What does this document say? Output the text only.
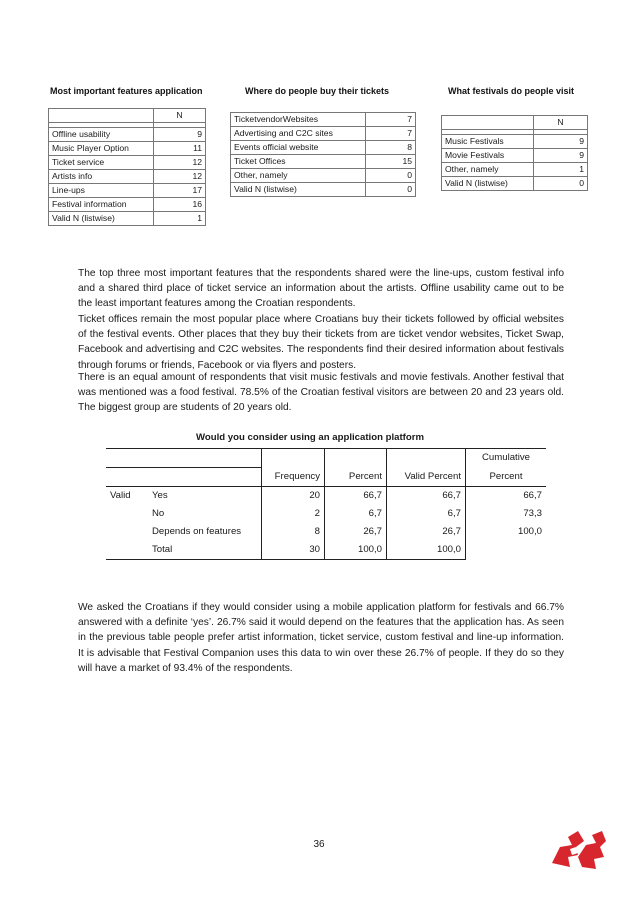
Most important features application
	N

Offline usability	9
Music Player Option	11
Ticket service	12
Artists info	12
Line-ups	17
Festival information	16
Valid N (listwise)	1
Where do people buy their tickets
TicketvendorWebsites	7
Advertising and C2C sites	7
Events official website	8
Ticket Offices	15
Other, namely	0
Valid N (listwise)	0
What festivals do people visit
	N

Music Festivals	9
Movie Festivals	9
Other, namely	1
Valid N (listwise)	0
The top three most important features that the respondents shared were the line-ups, custom festival info and a shared third place of ticket service an information about the artists. Offline usability came out to be the least important features among the Croatian respondents.
Ticket offices remain the most popular place where Croatians buy their tickets followed by official websites of the festival events. Other places that they buy their tickets from are ticket vendor websites, Ticket Swap, Facebook and advertising and C2C websites. The respondents find their desired information about festivals through forums or friends, Facebook or via flyers and posters.
There is an equal amount of respondents that visit music festivals and movie festivals. Another festival that was mentioned was a food festival. 78.5% of the Croatian festival visitors are between 20 and 23 years old. The biggest group are students of 20 years old.
Would you consider using an application platform
					Cumulative
		Frequency	Percent	Valid Percent	Percent
Valid	Yes	20	66,7	66,7	66,7
	No	2	6,7	6,7	73,3
	Depends on features	8	26,7	26,7	100,0
	Total	30	100,0	100,0	
We asked the Croatians if they would consider using a mobile application platform for festivals and 66.7% answered with a definite ‘yes’. 26.7% said it would depend on the features that the application has. As seen in the previous table people prefer artist information, ticket service, custom festival and line-up information. It is advisable that Festival Companion uses this data to win over these 26.7% of people. If they do so they will have a market of 93.4% of the respondents.
36
